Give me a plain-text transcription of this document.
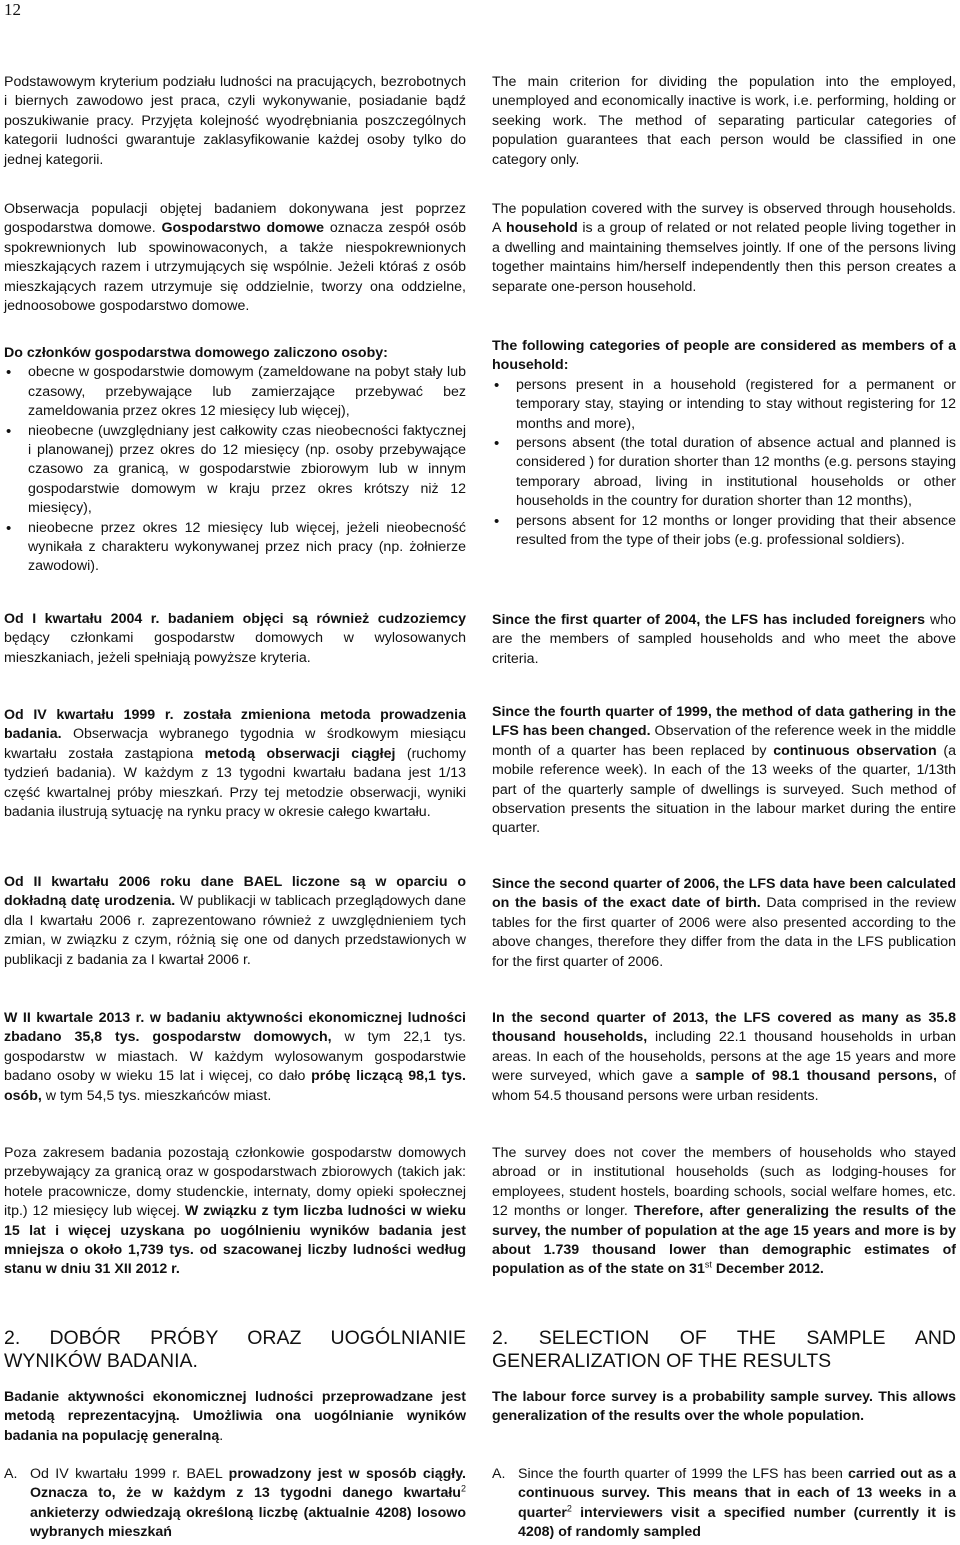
12

Podstawowym kryterium podziału ludności na pracujących, bezrobotnych i biernych zawodowo jest praca, czyli wykonywanie, posiadanie bądź poszukiwanie pracy. Przyjęta kolejność wyodrębniania poszczególnych kategorii ludności gwarantuje zaklasyfikowanie każdej osoby tylko do jednej kategorii.

Obserwacja populacji objętej badaniem dokonywana jest poprzez gospodarstwa domowe. Gospodarstwo domowe oznacza zespół osób spokrewnionych lub spowinowaconych, a także niespokrewnionych mieszkających razem i utrzymujących się wspólnie. Jeżeli któraś z osób mieszkających razem utrzymuje się oddzielnie, tworzy ona oddzielne, jednoosobowe gospodarstwo domowe.

Do członków gospodarstwa domowego zaliczono osoby:

• obecne w gospodarstwie domowym (zameldowane na pobyt stały lub czasowy, przebywające lub zamierzające przebywać bez zameldowania przez okres 12 miesięcy lub więcej),
• nieobecne (uwzględniany jest całkowity czas nieobecności faktycznej i planowanej) przez okres do 12 miesięcy (np. osoby przebywające czasowo za granicą, w gospodarstwie zbiorowym lub w innym gospodarstwie domowym w kraju przez okres krótszy niż 12 miesięcy),
• nieobecne przez okres 12 miesięcy lub więcej, jeżeli nieobecność wynikała z charakteru wykonywanej przez nich pracy (np. żołnierze zawodowi).

Od I kwartału 2004 r. badaniem objęci są również cudzoziemcy będący członkami gospodarstw domowych w wylosowanych mieszkaniach, jeżeli spełniają powyższe kryteria.

Od IV kwartału 1999 r. została zmieniona metoda prowadzenia badania. Obserwacja wybranego tygodnia w środkowym miesiącu kwartału została zastąpiona metodą obserwacji ciągłej (ruchomy tydzień badania). W każdym z 13 tygodni kwartału badana jest 1/13 część kwartalnej próby mieszkań. Przy tej metodzie obserwacji, wyniki badania ilustrują sytuację na rynku pracy w okresie całego kwartału.

Od II kwartału 2006 roku dane BAEL liczone są w oparciu o dokładną datę urodzenia. W publikacji w tablicach przeglądowych dane dla I kwartału 2006 r. zaprezentowano również z uwzględnieniem tych zmian, w związku z czym, różnią się one od danych przedstawionych w publikacji z badania za I kwartał 2006 r.

W II kwartale 2013 r. w badaniu aktywności ekonomicznej ludności zbadano 35,8 tys. gospodarstw domowych, w tym 22,1 tys. gospodarstw w miastach. W każdym wylosowanym gospodarstwie badano osoby w wieku 15 lat i więcej, co dało próbę liczącą 98,1 tys. osób, w tym 54,5 tys. mieszkańców miast.

Poza zakresem badania pozostają członkowie gospodarstw domowych przebywający za granicą oraz w gospodarstwach zbiorowych (takich jak: hotele pracownicze, domy studenckie, internaty, domy opieki społecznej itp.) 12 miesięcy lub więcej. W związku z tym liczba ludności w wieku 15 lat i więcej uzyskana po uogólnieniu wyników badania jest mniejsza o około 1,739 tys. od szacowanej liczby ludności według stanu w dniu 31 XII 2012 r.

2. DOBÓR PRÓBY ORAZ UOGÓLNIANIE WYNIKÓW BADANIA.

Badanie aktywności ekonomicznej ludności przeprowadzane jest metodą reprezentacyjną. Umożliwia ona uogólnianie wyników badania na populację generalną.

A. Od IV kwartału 1999 r. BAEL prowadzony jest w sposób ciągły. Oznacza to, że w każdym z 13 tygodni danego kwartału$^2$ ankieterzy odwiedzają określoną liczbę (aktualnie 4208) losowo wybranych mieszkań

The main criterion for dividing the population into the employed, unemployed and economically inactive is work, i.e. performing, holding or seeking work. The method of separating particular categories of population guarantees that each person would be classified in one category only.

The population covered with the survey is observed through households. A household is a group of related or not related people living together in a dwelling and maintaining themselves jointly. If one of the persons living together maintains him/herself independently then this person creates a separate one-person household.

The following categories of people are considered as members of a household:

• persons present in a household (registered for a permanent or temporary stay, staying or intending to stay without registering for 12 months and more),
• persons absent (the total duration of absence actual and planned is considered ) for duration shorter than 12 months (e.g. persons staying temporary abroad, living in institutional households or other households in the country for duration shorter than 12 months),
• persons absent for 12 months or longer providing that their absence resulted from the type of their jobs (e.g. professional soldiers).

Since the first quarter of 2004, the LFS has included foreigners who are the members of sampled households and who meet the above criteria.

Since the fourth quarter of 1999, the method of data gathering in the LFS has been changed. Observation of the reference week in the middle month of a quarter has been replaced by continuous observation (a mobile reference week). In each of the 13 weeks of the quarter, 1/13th part of the quarterly sample of dwellings is surveyed. Such method of observation presents the situation in the labour market during the entire quarter.

Since the second quarter of 2006, the LFS data have been calculated on the basis of the exact date of birth. Data comprised in the review tables for the first quarter of 2006 were also presented according to the above changes, therefore they differ from the data in the LFS publication for the first quarter of 2006.

In the second quarter of 2013, the LFS covered as many as 35.8 thousand households, including 22.1 thousand households in urban areas. In each of the households, persons at the age 15 years and more were surveyed, which gave a sample of 98.1 thousand persons, of whom 54.5 thousand persons were urban residents.

The survey does not cover the members of households who stayed abroad or in institutional households (such as lodging-houses for employees, student hostels, boarding schools, social welfare homes, etc. 12 months or longer. Therefore, after generalizing the results of the survey, the number of population at the age 15 years and more is by about 1.739 thousand lower than demographic estimates of population as of the state on 31st December 2012.

2. SELECTION OF THE SAMPLE AND GENERALIZATION OF THE RESULTS

The labour force survey is a probability sample survey. This allows generalization of the results over the whole population.

A. Since the fourth quarter of 1999 the LFS has been carried out as a continuous survey. This means that in each of 13 weeks in a quarter$^2$ interviewers visit a specified number (currently it is 4208) of randomly sampled
